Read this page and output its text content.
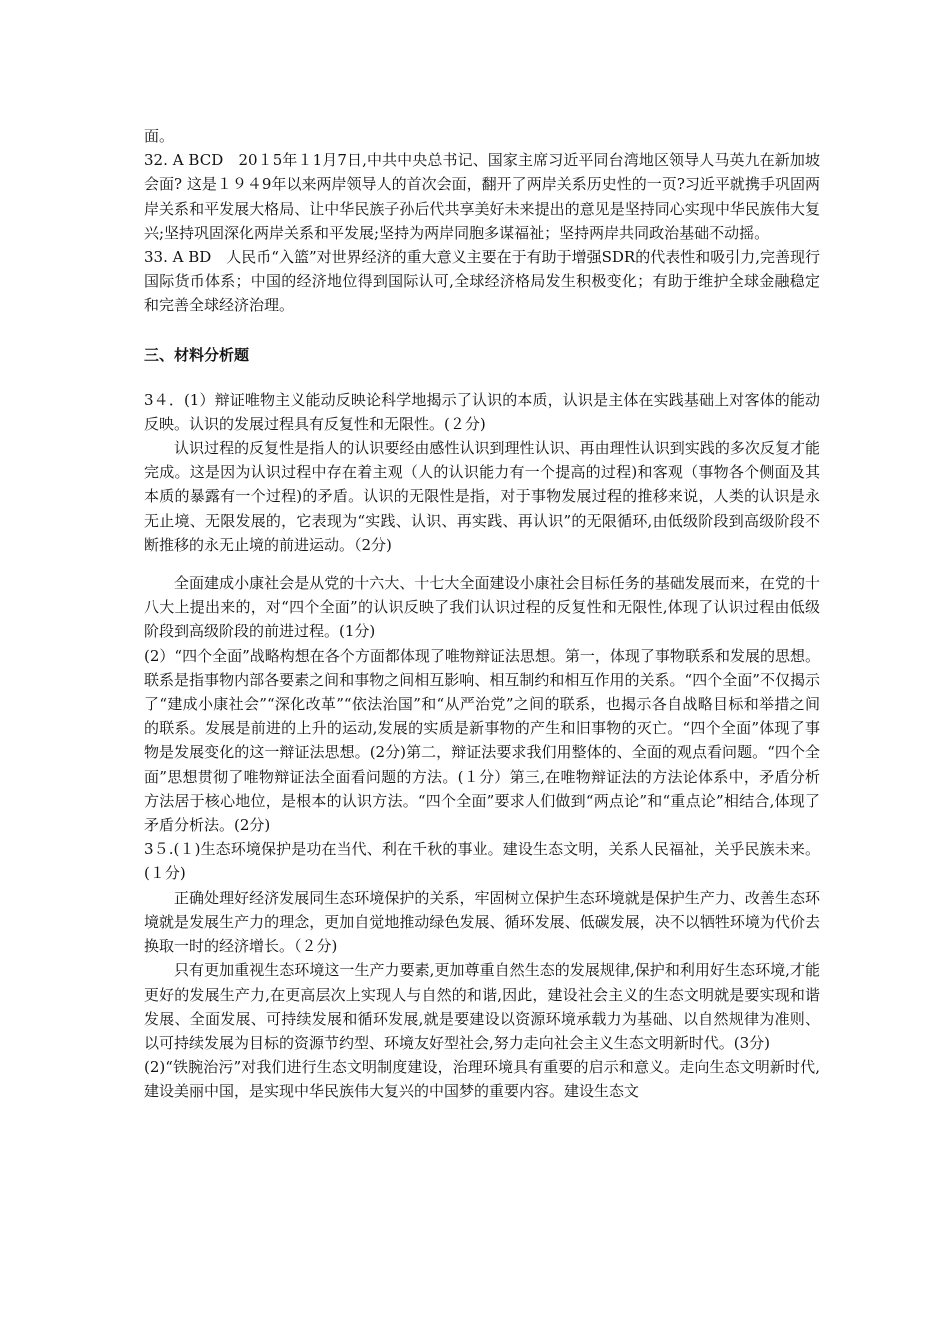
面。

32. A BCD　20１5年１1月7日,中共中央总书记、国家主席习近平同台湾地区领导人马英九在新加坡会面? 这是１９４9年以来两岸领导人的首次会面，翻开了两岸关系历史性的一页?习近平就携手巩固两岸关系和平发展大格局、让中华民族子孙后代共享美好未来提出的意见是坚持同心实现中华民族伟大复兴;坚持巩固深化两岸关系和平发展;坚持为两岸同胞多谋福祉；坚持两岸共同政治基础不动摇。

33. A BD　人民币“入篮”对世界经济的重大意义主要在于有助于增强SDR的代表性和吸引力,完善现行国际货币体系；中国的经济地位得到国际认可,全球经济格局发生积极变化；有助于维护全球金融稳定和完善全球经济治理。

三、材料分析题

3４．(1）辩证唯物主义能动反映论科学地揭示了认识的本质，认识是主体在实践基础上对客体的能动反映。认识的发展过程具有反复性和无限性。(２分)

认识过程的反复性是指人的认识要经由感性认识到理性认识、再由理性认识到实践的多次反复才能完成。这是因为认识过程中存在着主观（人的认识能力有一个提高的过程)和客观（事物各个侧面及其本质的暴露有一个过程)的矛盾。认识的无限性是指，对于事物发展过程的推移来说，人类的认识是永无止境、无限发展的，它表现为“实践、认识、再实践、再认识”的无限循环,由低级阶段到高级阶段不断推移的永无止境的前进运动。（2分)

全面建成小康社会是从党的十六大、十七大全面建设小康社会目标任务的基础发展而来，在党的十八大上提出来的，对“四个全面”的认识反映了我们认识过程的反复性和无限性,体现了认识过程由低级阶段到高级阶段的前进过程。(1分)

(2）“四个全面”战略构想在各个方面都体现了唯物辩证法思想。第一，体现了事物联系和发展的思想。联系是指事物内部各要素之间和事物之间相互影响、相互制约和相互作用的关系。“四个全面”不仅揭示了“建成小康社会”“深化改革”“依法治国”和“从严治党”之间的联系，也揭示各自战略目标和举措之间的联系。发展是前进的上升的运动,发展的实质是新事物的产生和旧事物的灭亡。“四个全面”体现了事物是发展变化的这一辩证法思想。(2分)第二，辩证法要求我们用整体的、全面的观点看问题。“四个全面”思想贯彻了唯物辩证法全面看问题的方法。(１分）第三,在唯物辩证法的方法论体系中，矛盾分析方法居于核心地位，是根本的认识方法。“四个全面”要求人们做到“两点论”和“重点论”相结合,体现了矛盾分析法。(2分)

3５.(１)生态环境保护是功在当代、利在千秋的事业。建设生态文明，关系人民福祉，关乎民族未来。(１分)

正确处理好经济发展同生态环境保护的关系，牢固树立保护生态环境就是保护生产力、改善生态环境就是发展生产力的理念，更加自觉地推动绿色发展、循环发展、低碳发展，决不以牺牲环境为代价去换取一时的经济增长。（２分)

只有更加重视生态环境这一生产力要素,更加尊重自然生态的发展规律,保护和利用好生态环境,才能更好的发展生产力,在更高层次上实现人与自然的和谐,因此，建设社会主义的生态文明就是要实现和谐发展、全面发展、可持续发展和循环发展,就是要建设以资源环境承载力为基础、以自然规律为准则、以可持续发展为目标的资源节约型、环境友好型社会,努力走向社会主义生态文明新时代。(3分)

(2)“铁腕治污”对我们进行生态文明制度建设，治理环境具有重要的启示和意义。走向生态文明新时代,建设美丽中国，是实现中华民族伟大复兴的中国梦的重要内容。建设生态文
